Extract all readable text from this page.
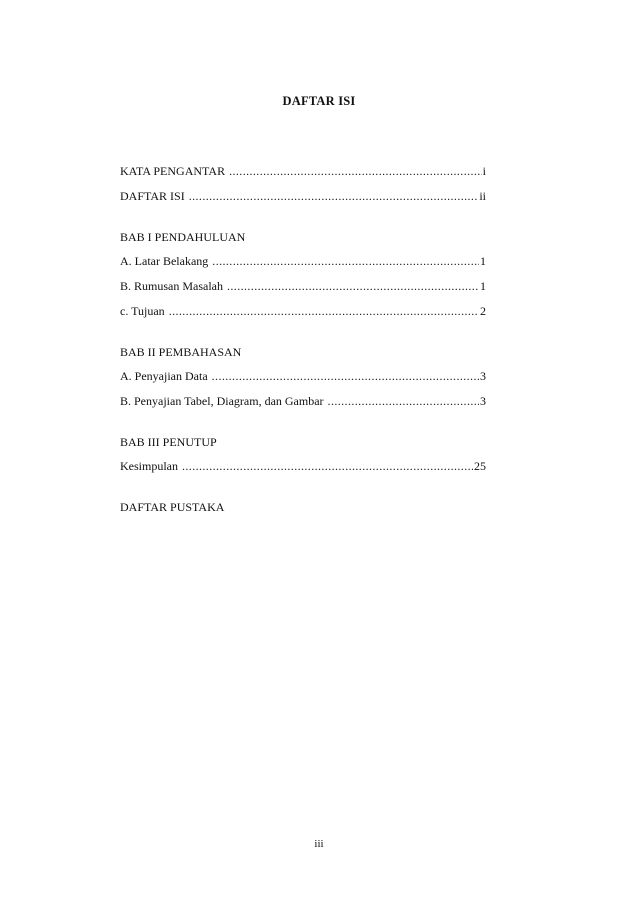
DAFTAR ISI
KATA PENGANTAR .....	i
DAFTAR ISI .....	ii
BAB I PENDAHULUAN
A. Latar Belakang .....	1
B. Rumusan Masalah .....	1
c. Tujuan .....	2
BAB II PEMBAHASAN
A. Penyajian Data .....	3
B. Penyajian Tabel, Diagram, dan Gambar .....	3
BAB III PENUTUP
Kesimpulan .....	25
DAFTAR PUSTAKA
iii
